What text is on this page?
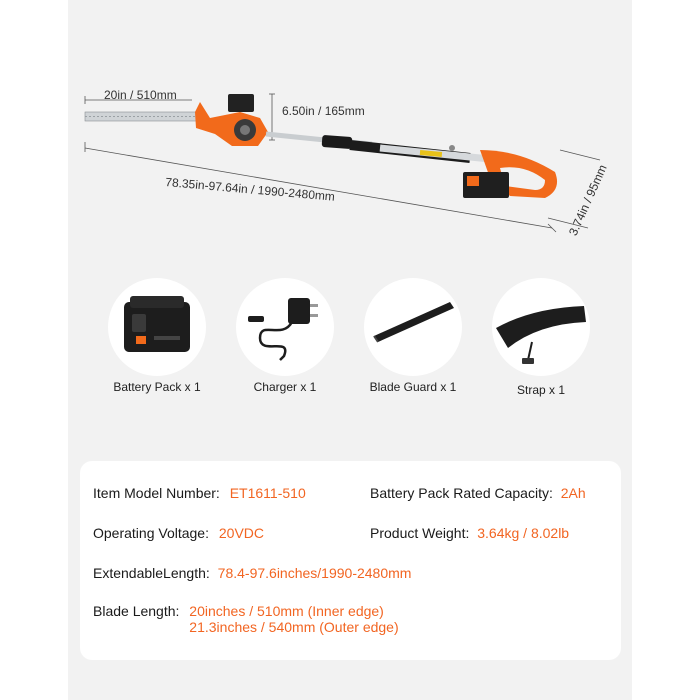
20in / 510mm
6.50in / 165mm
78.35in-97.64in / 1990-2480mm	3.74in / 95mm
Battery Pack x 1	Charger x 1	Blade Guard x 1	Strap x 1
Item Model Number: ET1611-510	Battery Pack Rated Capacity: 2Ah
Operating Voltage: 20VDC	Product Weight: 3.64kg / 8.02lb
ExtendableLength: 78.4-97.6inches/1990-2480mm
Blade Length: 20inches / 510mm (Inner edge)
21.3inches / 540mm (Outer edge)
